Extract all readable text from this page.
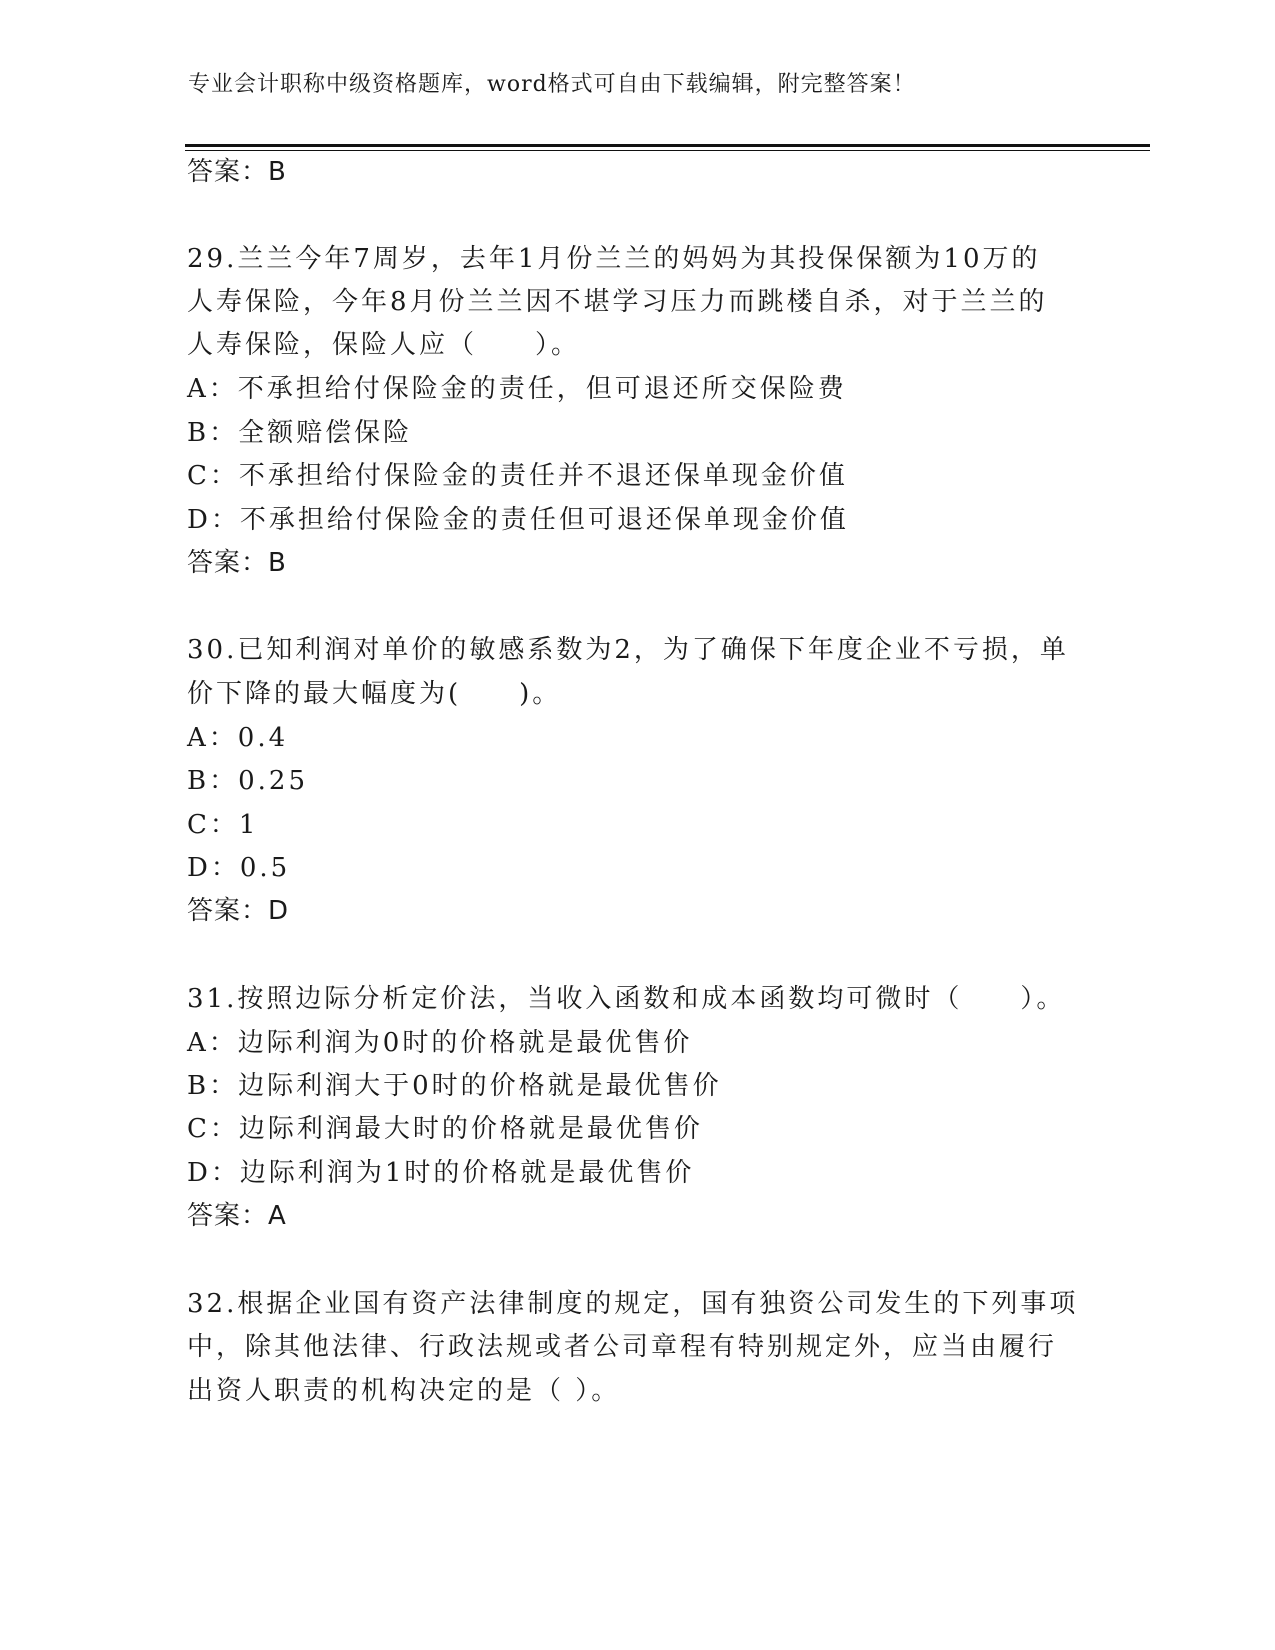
专业会计职称中级资格题库，word格式可自由下载编辑，附完整答案！
答案：B
29.兰兰今年7周岁，去年1月份兰兰的妈妈为其投保保额为10万的
人寿保险，今年8月份兰兰因不堪学习压力而跳楼自杀，对于兰兰的
人寿保险，保险人应（　　）。
A：不承担给付保险金的责任，但可退还所交保险费
B：全额赔偿保险
C：不承担给付保险金的责任并不退还保单现金价值
D：不承担给付保险金的责任但可退还保单现金价值
答案：B
30.已知利润对单价的敏感系数为2，为了确保下年度企业不亏损，单
价下降的最大幅度为(　　)。
A：0.4
B：0.25
C：1
D：0.5
答案：D
31.按照边际分析定价法，当收入函数和成本函数均可微时（　　）。
A：边际利润为0时的价格就是最优售价
B：边际利润大于0时的价格就是最优售价
C：边际利润最大时的价格就是最优售价
D：边际利润为1时的价格就是最优售价
答案：A
32.根据企业国有资产法律制度的规定，国有独资公司发生的下列事项
中，除其他法律、行政法规或者公司章程有特别规定外，应当由履行
出资人职责的机构决定的是（ ）。
